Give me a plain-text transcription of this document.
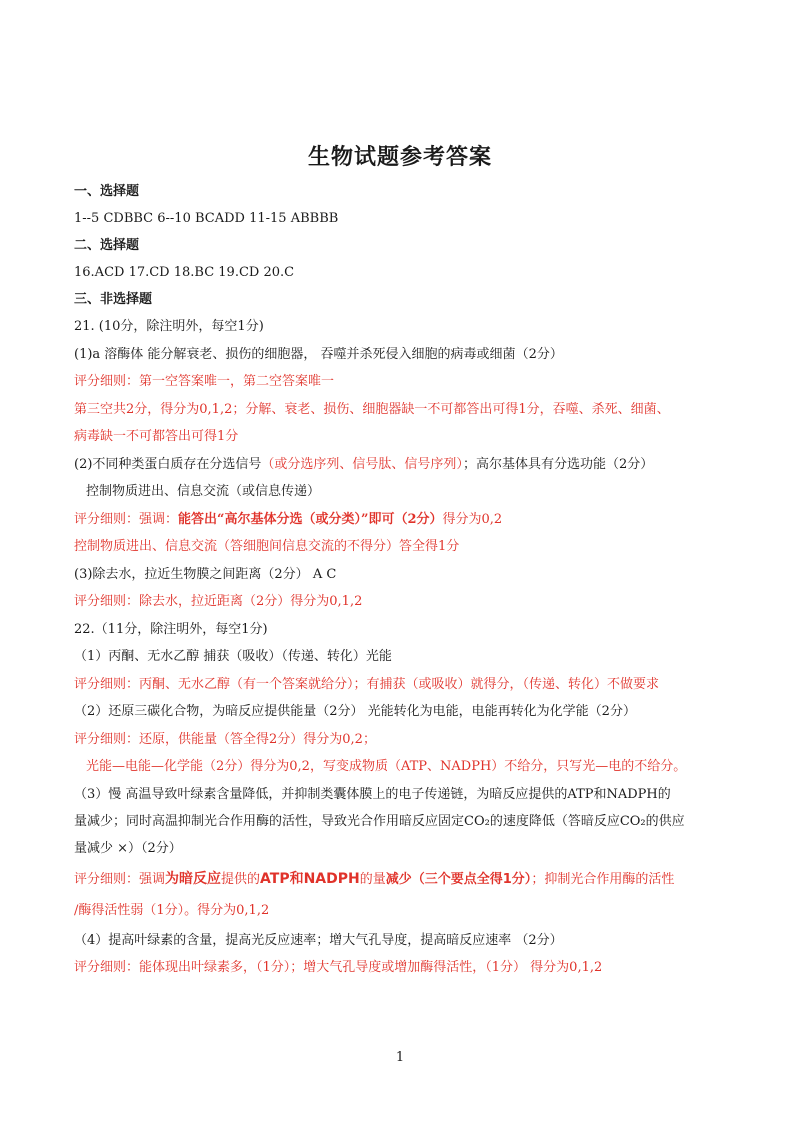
生物试题参考答案
一、选择题
1--5 CDBBC 6--10 BCADD 11-15 ABBBB
二、选择题
16.ACD 17.CD 18.BC 19.CD 20.C
三、非选择题
21. (10分，除注明外，每空1分)
(1)a 溶酶体 能分解衰老、损伤的细胞器， 吞噬并杀死侵入细胞的病毒或细菌（2分）
评分细则：第一空答案唯一，第二空答案唯一
第三空共2分，得分为0,1,2；分解、衰老、损伤、细胞器缺一不可都答出可得1分，吞噬、杀死、细菌、
病毒缺一不可都答出可得1分
(2)不同种类蛋白质存在分选信号（或分选序列、信号肽、信号序列）；高尔基体具有分选功能（2分）
控制物质进出、信息交流（或信息传递）
评分细则：强调：能答出“高尔基体分选（或分类）”即可（2分）得分为0,2
控制物质进出、信息交流（答细胞间信息交流的不得分）答全得1分
(3)除去水，拉近生物膜之间距离（2分） A C
评分细则：除去水，拉近距离（2分）得分为0,1,2
22.（11分，除注明外，每空1分)
（1）丙酮、无水乙醇 捕获（吸收）（传递、转化）光能
评分细则：丙酮、无水乙醇（有一个答案就给分）；有捕获（或吸收）就得分，（传递、转化）不做要求
（2）还原三碳化合物，为暗反应提供能量（2分） 光能转化为电能，电能再转化为化学能（2分）
评分细则：还原，供能量（答全得2分）得分为0,2；
光能—电能—化学能（2分）得分为0,2，写变成物质（ATP、NADPH）不给分，只写光—电的不给分。
（3）慢 高温导致叶绿素含量降低，并抑制类囊体膜上的电子传递链，为暗反应提供的ATP和NADPH的
量减少；同时高温抑制光合作用酶的活性，导致光合作用暗反应固定CO₂的速度降低（答暗反应CO₂的供应
量减少 ×）（2分）
评分细则：强调为暗反应提供的ATP和NADPH的量减少（三个要点全得1分）；抑制光合作用酶的活性
/酶得活性弱（1分）。得分为0,1,2
（4）提高叶绿素的含量，提高光反应速率；增大气孔导度，提高暗反应速率 （2分）
评分细则：能体现出叶绿素多，（1分）；增大气孔导度或增加酶得活性，（1分） 得分为0,1,2
1
